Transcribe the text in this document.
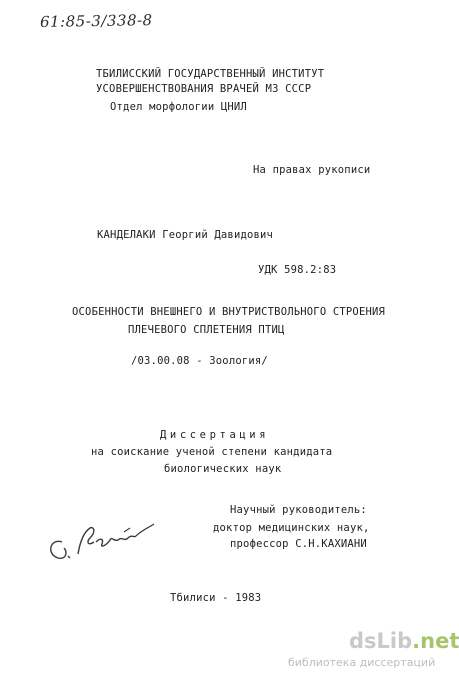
61:85-3/338-8
ТБИЛИССКИЙ ГОСУДАРСТВЕННЫЙ ИНСТИТУТ
УСОВЕРШЕНСТВОВАНИЯ ВРАЧЕЙ МЗ СССР
Отдел морфологии ЦНИЛ
На правах рукописи
КАНДЕЛАКИ Георгий Давидович
УДК 598.2:83
ОСОБЕННОСТИ ВНЕШНЕГО И ВНУТРИСТВОЛЬНОГО СТРОЕНИЯ
ПЛЕЧЕВОГО СПЛЕТЕНИЯ ПТИЦ
/03.00.08 - Зоология/
Диссертация
на соискание ученой степени кандидата
биологических наук
Научный руководитель:
доктор медицинских наук,
профессор С.Н.КАХИАНИ
Тбилиси - 1983
dsLib.net
библиотека диссертаций
